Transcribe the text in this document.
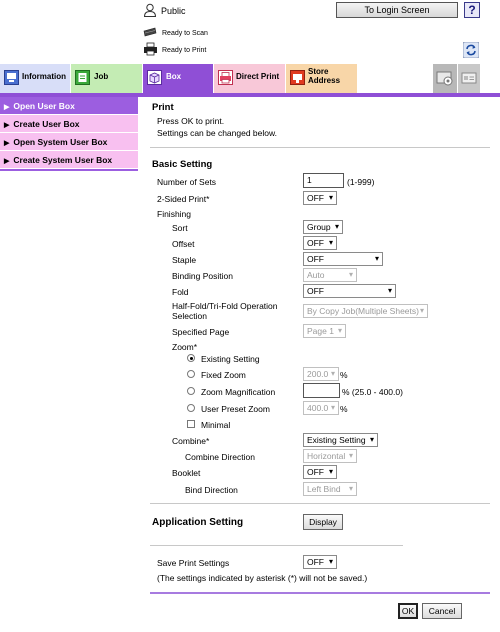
Public	To Login Screen	?
Ready to Scan
Ready to Print
Information	Job	Box	Direct Print
Store Address
▶ Open User Box
▶ Create User Box
▶ Open System User Box
▶ Create System User Box
Print
Press OK to print.
Settings can be changed below.
Basic Setting
Number of Sets	1	(1-999)
2-Sided Print*	OFF ▾
Finishing
Sort	Group ▾
Offset	OFF ▾
Staple	OFF ▾
Binding Position	Auto ▾
Fold	OFF ▾
Half-Fold/Tri-Fold Operation
Selection	By Copy Job(Multiple Sheets) ▾
Specified Page	Page 1 ▾
Zoom*
Existing Setting
Fixed Zoom	200.0 ▾	%
Zoom Magnification	% (25.0 - 400.0)
User Preset Zoom	400.0 ▾	%
Minimal
Combine*	Existing Setting ▾
Combine Direction	Horizontal ▾
Booklet	OFF ▾
Bind Direction	Left Bind ▾
Application Setting	Display
Save Print Settings	OFF ▾
(The settings indicated by asterisk (*) will not be saved.)
OK	Cancel
